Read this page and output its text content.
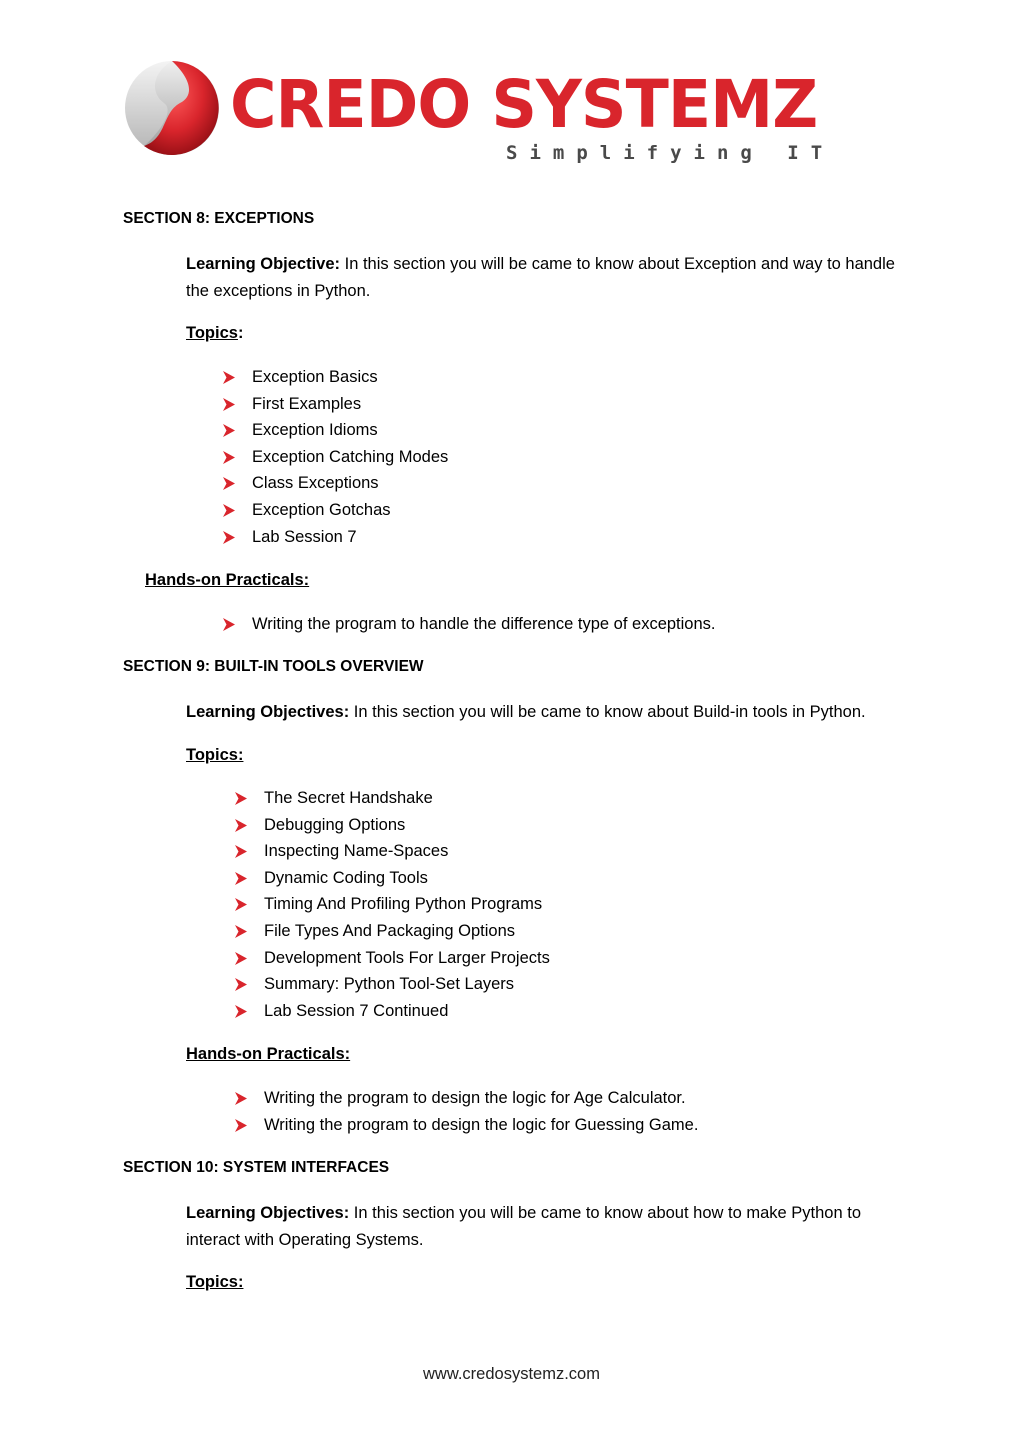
CREDO SYSTEMZ
Simplifying IT
SECTION 8: EXCEPTIONS
Learning Objective: In this section you will be came to know about Exception and way to handle the exceptions in Python.
Topics:
Exception Basics
First Examples
Exception Idioms
Exception Catching Modes
Class Exceptions
Exception Gotchas
Lab Session 7
Hands-on Practicals:
Writing the program to handle the difference type of exceptions.
SECTION 9: BUILT-IN TOOLS OVERVIEW
Learning Objectives: In this section you will be came to know about Build-in tools in Python.
Topics:
The Secret Handshake
Debugging Options
Inspecting Name-Spaces
Dynamic Coding Tools
Timing And Profiling Python Programs
File Types And Packaging Options
Development Tools For Larger Projects
Summary: Python Tool-Set Layers
Lab Session 7 Continued
Hands-on Practicals:
Writing the program to design the logic for Age Calculator.
Writing the program to design the logic for Guessing Game.
SECTION 10: SYSTEM INTERFACES
Learning Objectives: In this section you will be came to know about how to make Python to interact with Operating Systems.
Topics:
www.credosystemz.com
